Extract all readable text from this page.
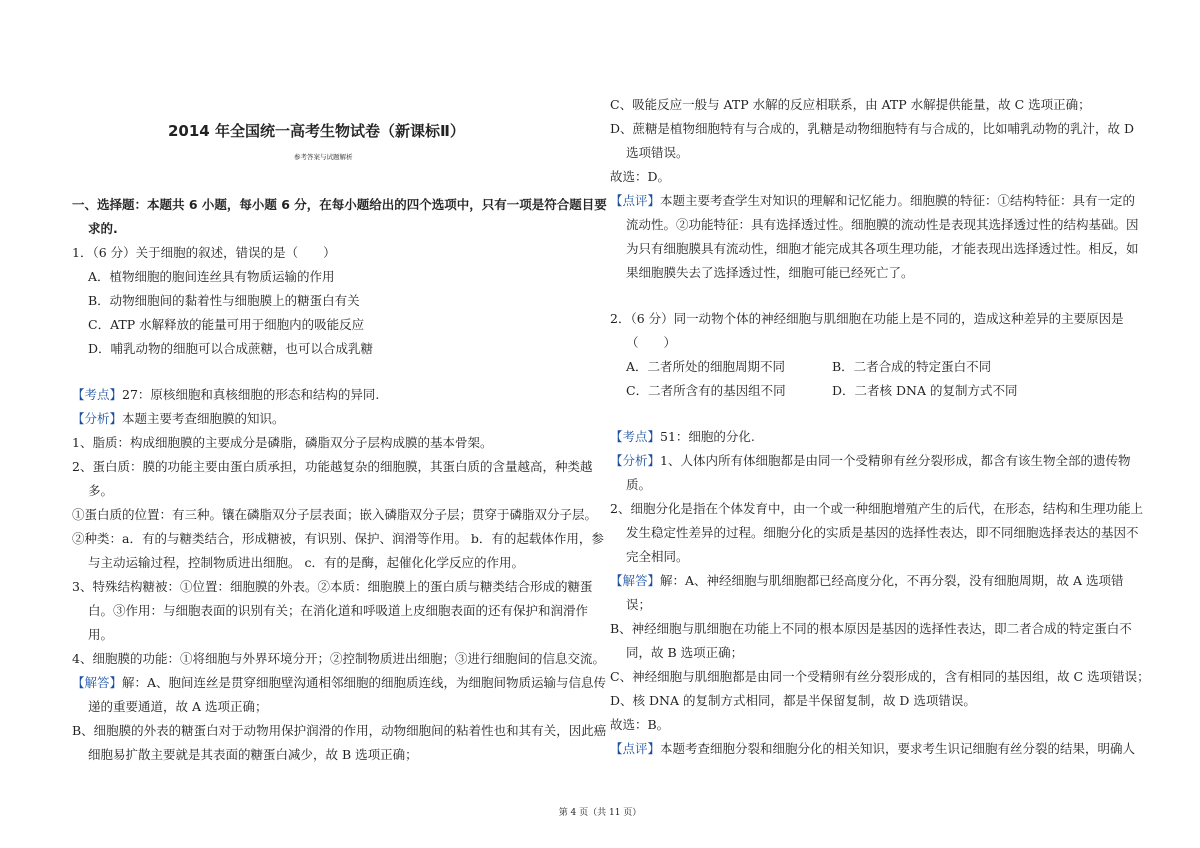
2014 年全国统一高考生物试卷（新课标Ⅱ）
参考答案与试题解析
一、选择题：本题共 6 小题，每小题 6 分，在每小题给出的四个选项中，只有一项是符合题目要
求的.
1．（6 分）关于细胞的叙述，错误的是（　　）
A．植物细胞的胞间连丝具有物质运输的作用
B．动物细胞间的黏着性与细胞膜上的糖蛋白有关
C．ATP 水解释放的能量可用于细胞内的吸能反应
D．哺乳动物的细胞可以合成蔗糖，也可以合成乳糖
【考点】27：原核细胞和真核细胞的形态和结构的异同.
【分析】本题主要考查细胞膜的知识。
1、脂质：构成细胞膜的主要成分是磷脂，磷脂双分子层构成膜的基本骨架。
2、蛋白质：膜的功能主要由蛋白质承担，功能越复杂的细胞膜，其蛋白质的含量越高，种类越
多。
①蛋白质的位置：有三种。镶在磷脂双分子层表面；嵌入磷脂双分子层；贯穿于磷脂双分子层。
②种类：a．有的与糖类结合，形成糖被，有识别、保护、润滑等作用。 b．有的起载体作用，参
与主动运输过程，控制物质进出细胞。 c．有的是酶，起催化化学反应的作用。
3、特殊结构糖被：①位置：细胞膜的外表。②本质：细胞膜上的蛋白质与糖类结合形成的糖蛋
白。③作用：与细胞表面的识别有关；在消化道和呼吸道上皮细胞表面的还有保护和润滑作
用。
4、细胞膜的功能：①将细胞与外界环境分开；②控制物质进出细胞；③进行细胞间的信息交流。
【解答】解：A、胞间连丝是贯穿细胞壁沟通相邻细胞的细胞质连线，为细胞间物质运输与信息传
递的重要通道，故 A 选项正确；
B、细胞膜的外表的糖蛋白对于动物用保护润滑的作用，动物细胞间的粘着性也和其有关，因此癌
细胞易扩散主要就是其表面的糖蛋白减少，故 B 选项正确；
C、吸能反应一般与 ATP 水解的反应相联系，由 ATP 水解提供能量，故 C 选项正确；
D、蔗糖是植物细胞特有与合成的，乳糖是动物细胞特有与合成的，比如哺乳动物的乳汁，故 D
选项错误。
故选：D。
【点评】本题主要考查学生对知识的理解和记忆能力。细胞膜的特征：①结构特征：具有一定的
流动性。②功能特征：具有选择透过性。细胞膜的流动性是表现其选择透过性的结构基础。因
为只有细胞膜具有流动性，细胞才能完成其各项生理功能，才能表现出选择透过性。相反，如
果细胞膜失去了选择透过性，细胞可能已经死亡了。
2．（6 分）同一动物个体的神经细胞与肌细胞在功能上是不同的，造成这种差异的主要原因是
（　　）
A．二者所处的细胞周期不同	B．二者合成的特定蛋白不同
C．二者所含有的基因组不同	D．二者核 DNA 的复制方式不同
【考点】51：细胞的分化.
【分析】1、人体内所有体细胞都是由同一个受精卵有丝分裂形成，都含有该生物全部的遗传物
质。
2、细胞分化是指在个体发育中，由一个或一种细胞增殖产生的后代，在形态，结构和生理功能上
发生稳定性差异的过程。细胞分化的实质是基因的选择性表达，即不同细胞选择表达的基因不
完全相同。
【解答】解：A、神经细胞与肌细胞都已经高度分化，不再分裂，没有细胞周期，故 A 选项错
误；
B、神经细胞与肌细胞在功能上不同的根本原因是基因的选择性表达，即二者合成的特定蛋白不
同，故 B 选项正确；
C、神经细胞与肌细胞都是由同一个受精卵有丝分裂形成的，含有相同的基因组，故 C 选项错误；
D、核 DNA 的复制方式相同，都是半保留复制，故 D 选项错误。
故选：B。
【点评】本题考查细胞分裂和细胞分化的相关知识，要求考生识记细胞有丝分裂的结果，明确人
第 4 页（共 11 页）
